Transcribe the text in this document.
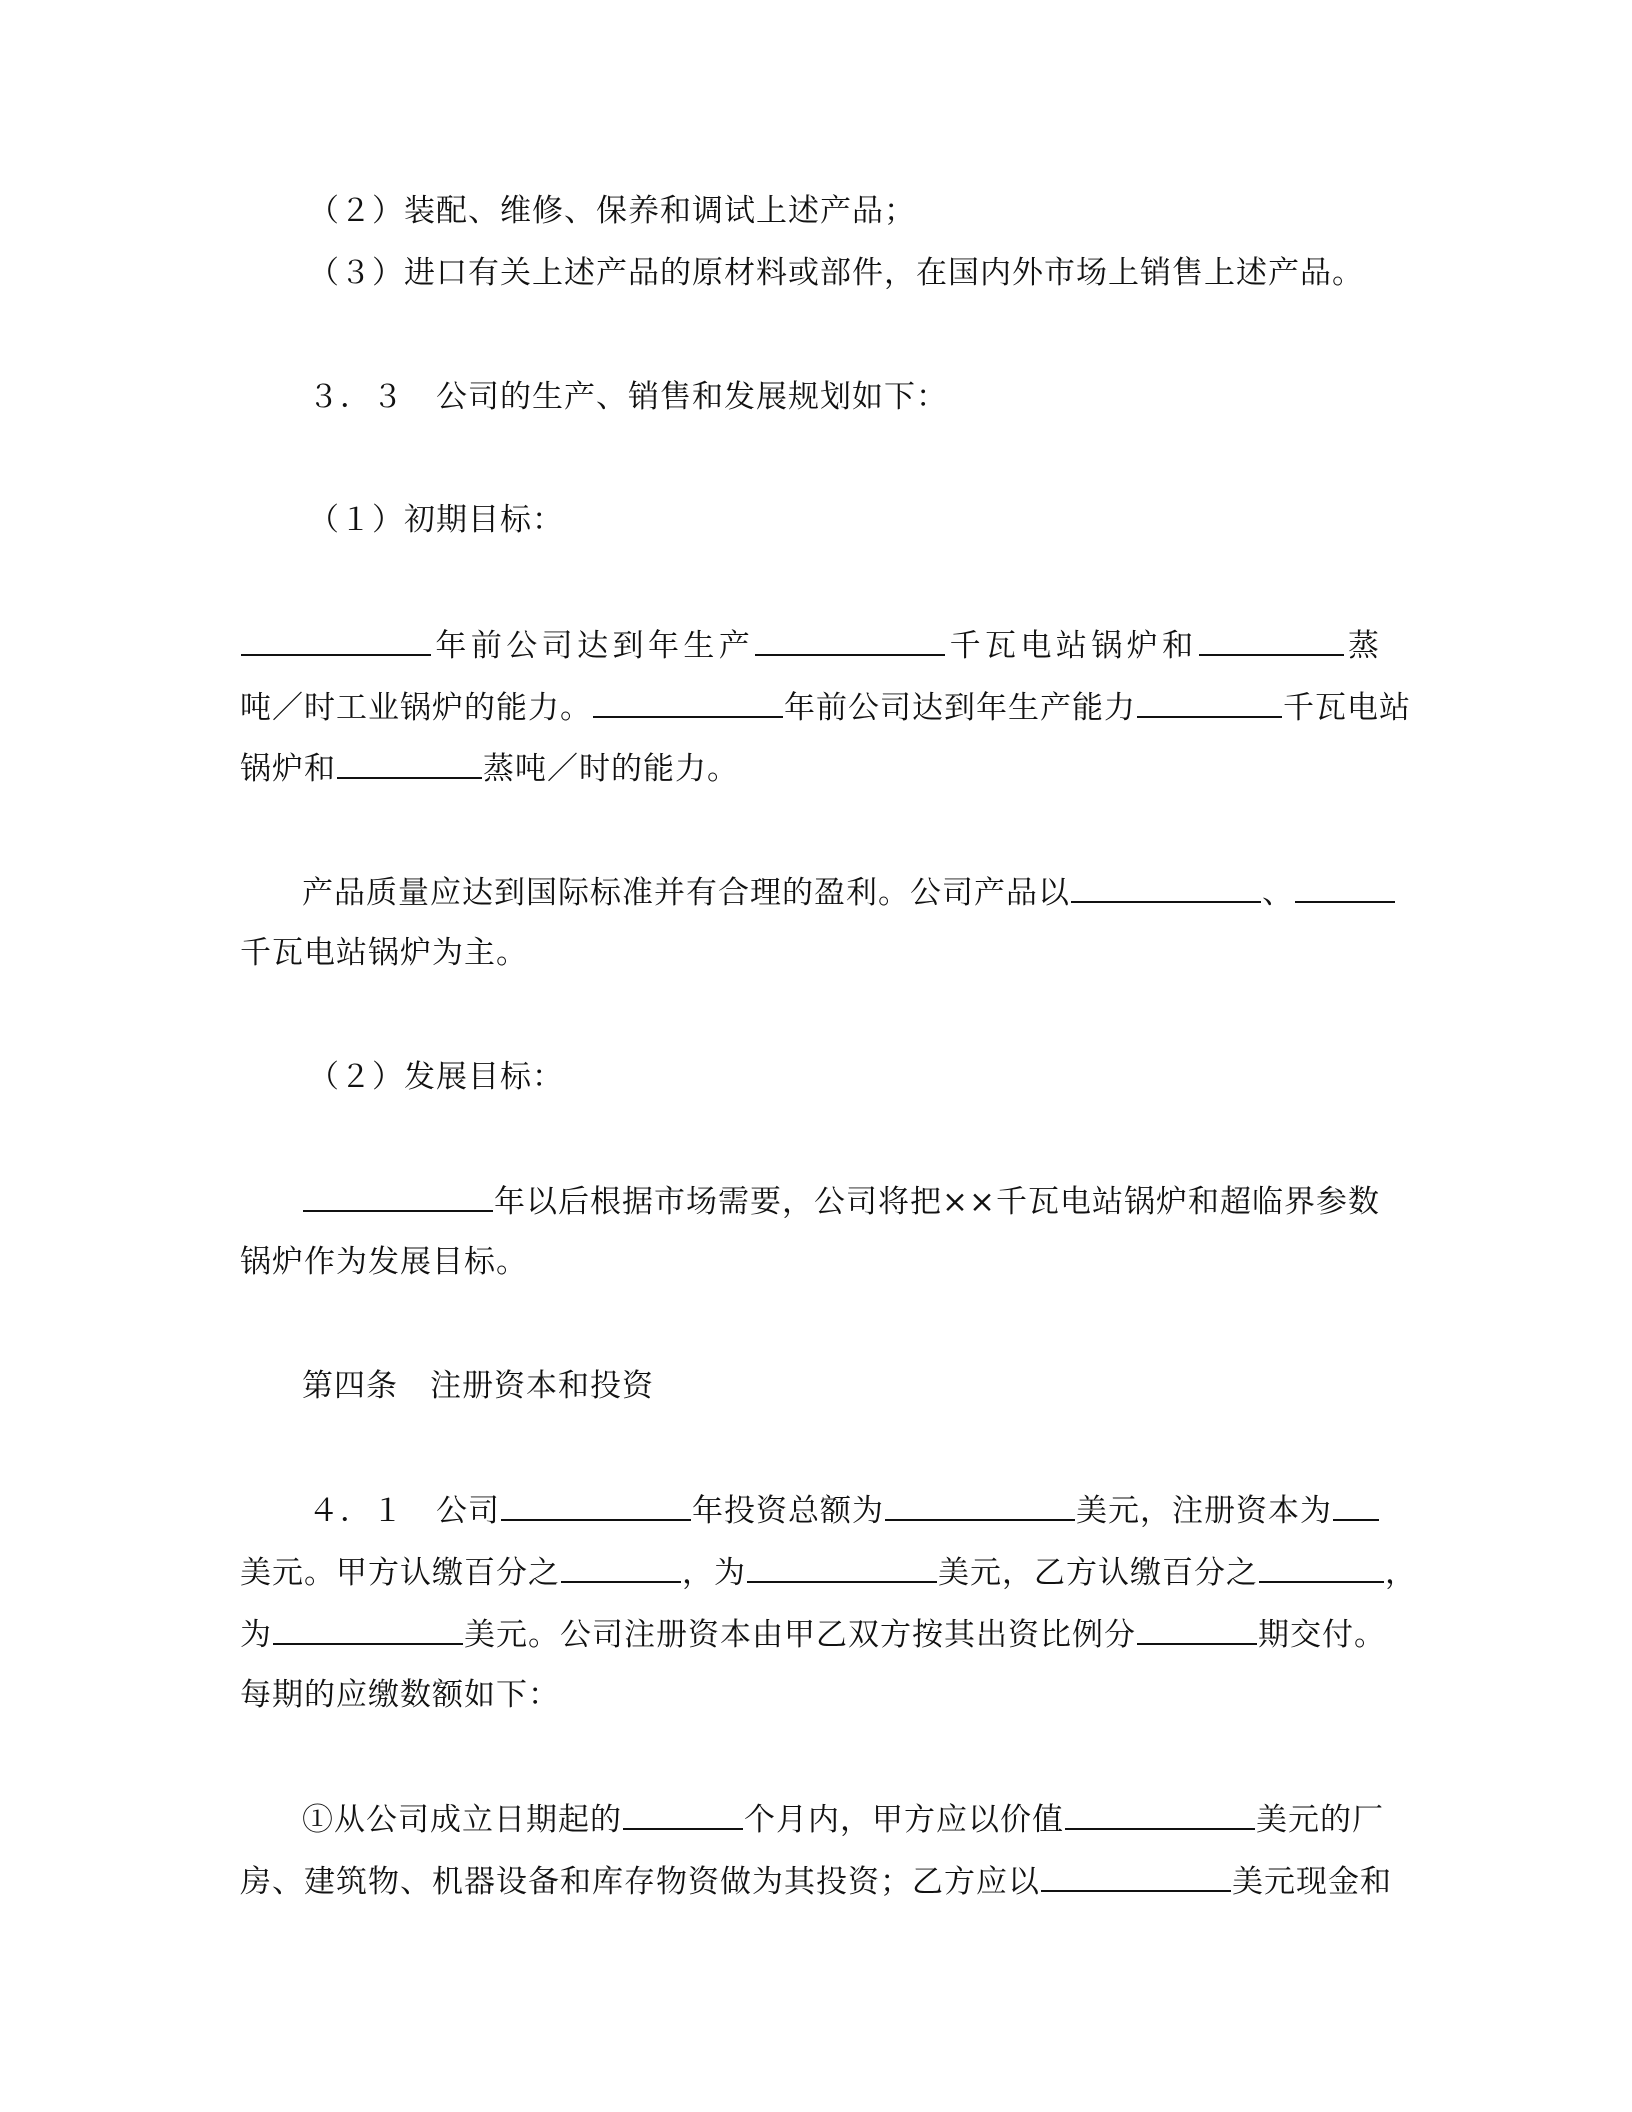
（２）装配、维修、保养和调试上述产品；
（３）进口有关上述产品的原材料或部件，在国内外市场上销售上述产品。
３．３　公司的生产、销售和发展规划如下：
（１）初期目标：
年前公司达到年生产	千瓦电站锅炉和	蒸
吨／时工业锅炉的能力。	年前公司达到年生产能力	千瓦电站
锅炉和	蒸吨／时的能力。
产品质量应达到国际标准并有合理的盈利。公司产品以	、
千瓦电站锅炉为主。
（２）发展目标：
年以后根据市场需要，公司将把××千瓦电站锅炉和超临界参数
锅炉作为发展目标。
第四条　注册资本和投资
４．１　公司	年投资总额为	美元，注册资本为
美元。甲方认缴百分之	，为	美元，乙方认缴百分之	，
为	美元。公司注册资本由甲乙双方按其出资比例分	期交付。
每期的应缴数额如下：
①从公司成立日期起的	个月内，甲方应以价值	美元的厂
房、建筑物、机器设备和库存物资做为其投资；乙方应以	美元现金和
